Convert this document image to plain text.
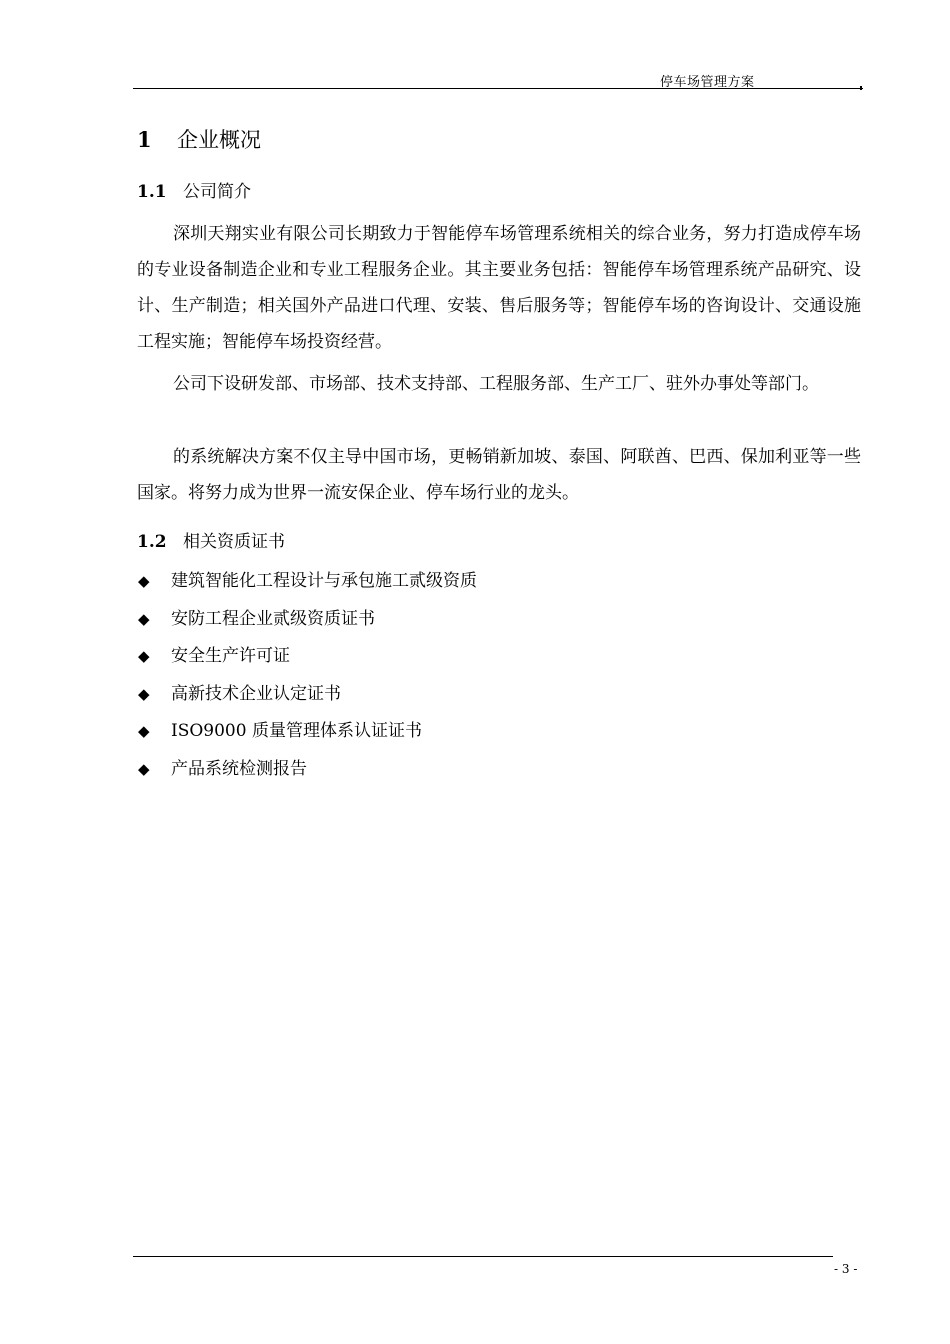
停车场管理方案
1 企业概况
1.1 公司简介

深圳天翔实业有限公司长期致力于智能停车场管理系统相关的综合业务，努力打造成停车场的专业设备制造企业和专业工程服务企业。其主要业务包括：智能停车场管理系统产品研究、设计、生产制造；相关国外产品进口代理、安装、售后服务等；智能停车场的咨询设计、交通设施工程实施；智能停车场投资经营。

公司下设研发部、市场部、技术支持部、工程服务部、生产工厂、驻外办事处等部门。

的系统解决方案不仅主导中国市场，更畅销新加坡、泰国、阿联酋、巴西、保加利亚等一些国家。将努力成为世界一流安保企业、停车场行业的龙头。

1.2 相关资质证书
◆ 建筑智能化工程设计与承包施工贰级资质
◆ 安防工程企业贰级资质证书
◆ 安全生产许可证
◆ 高新技术企业认定证书
◆ ISO9000 质量管理体系认证证书
◆ 产品系统检测报告
- 3 -
